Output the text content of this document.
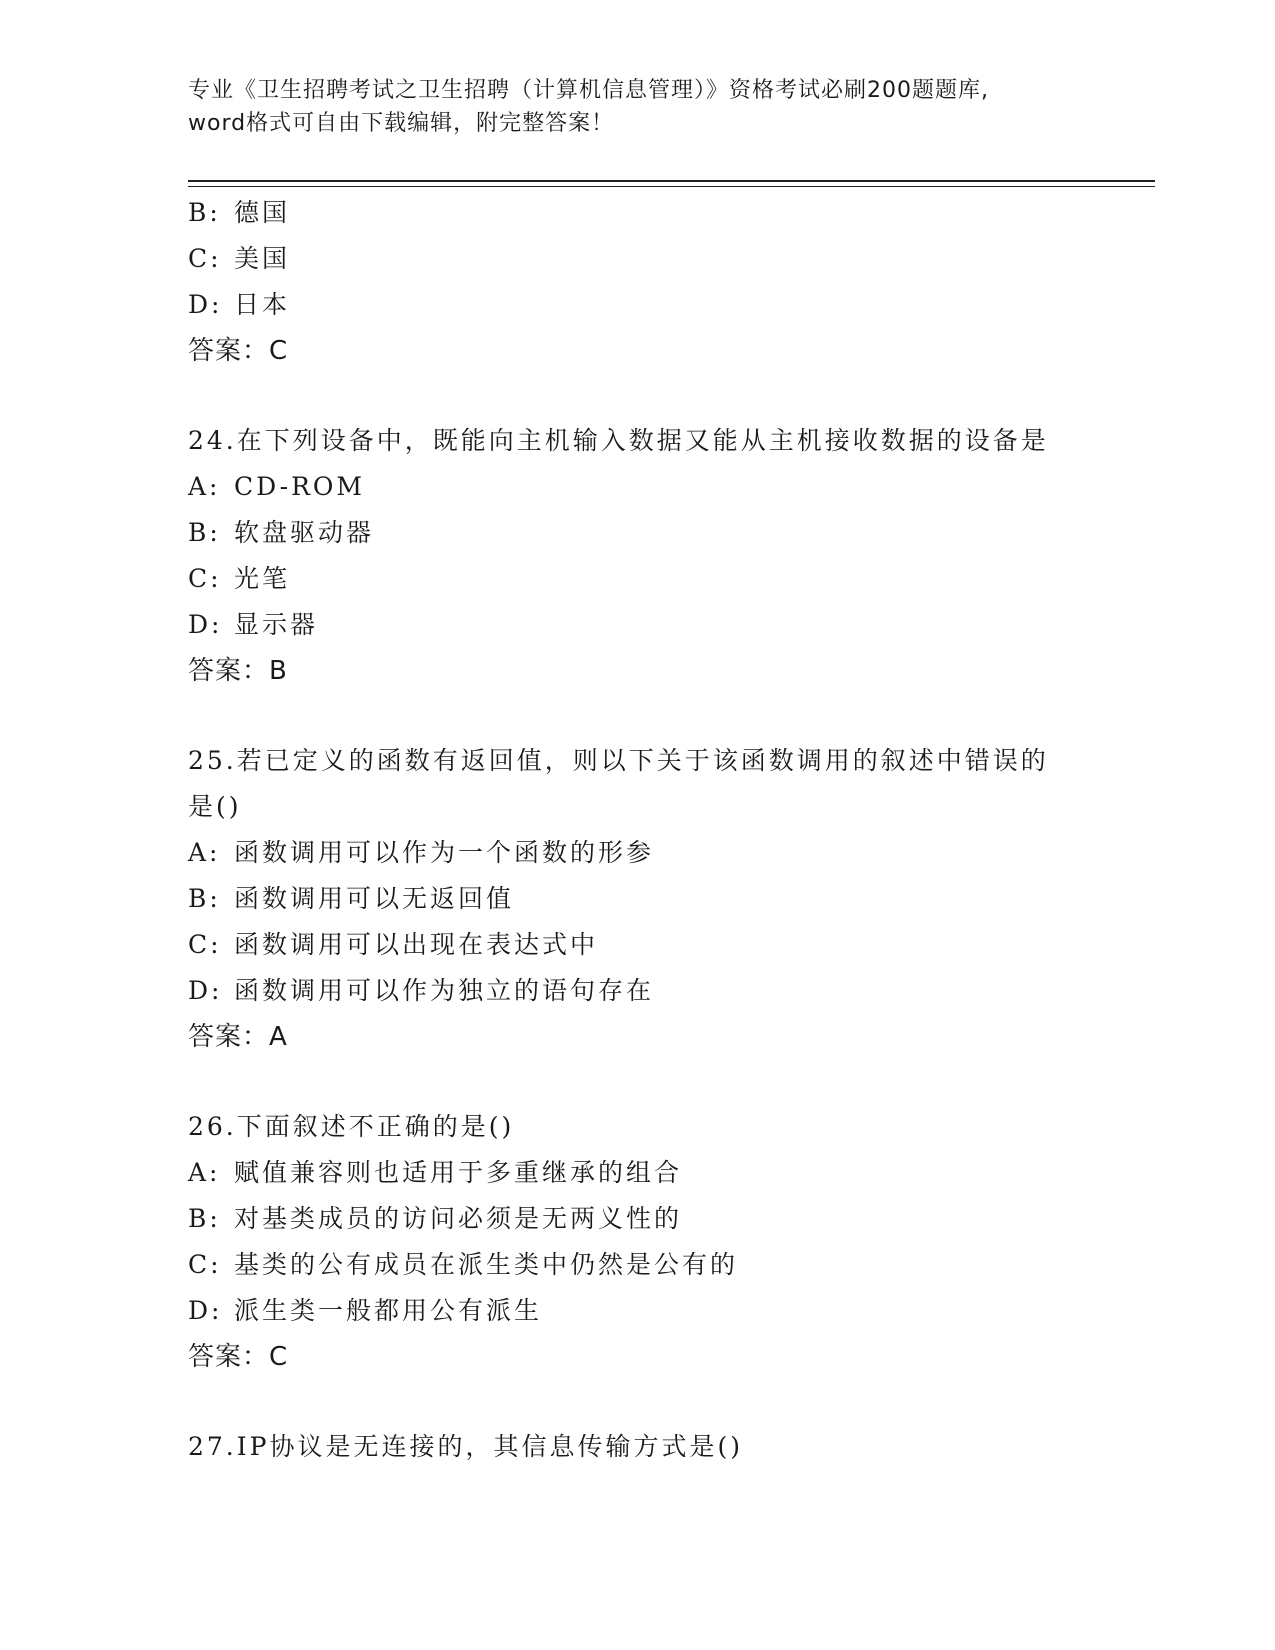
专业《卫生招聘考试之卫生招聘（计算机信息管理）》资格考试必刷200题题库,
word格式可自由下载编辑，附完整答案！
B: 德国
C: 美国
D: 日本
答案：C
24.在下列设备中，既能向主机输入数据又能从主机接收数据的设备是
A: CD-ROM
B: 软盘驱动器
C: 光笔
D: 显示器
答案：B
25.若已定义的函数有返回值，则以下关于该函数调用的叙述中错误的
是()
A: 函数调用可以作为一个函数的形参
B: 函数调用可以无返回值
C: 函数调用可以出现在表达式中
D: 函数调用可以作为独立的语句存在
答案：A
26.下面叙述不正确的是()
A: 赋值兼容则也适用于多重继承的组合
B: 对基类成员的访问必须是无两义性的
C: 基类的公有成员在派生类中仍然是公有的
D: 派生类一般都用公有派生
答案：C
27.IP协议是无连接的，其信息传输方式是()
